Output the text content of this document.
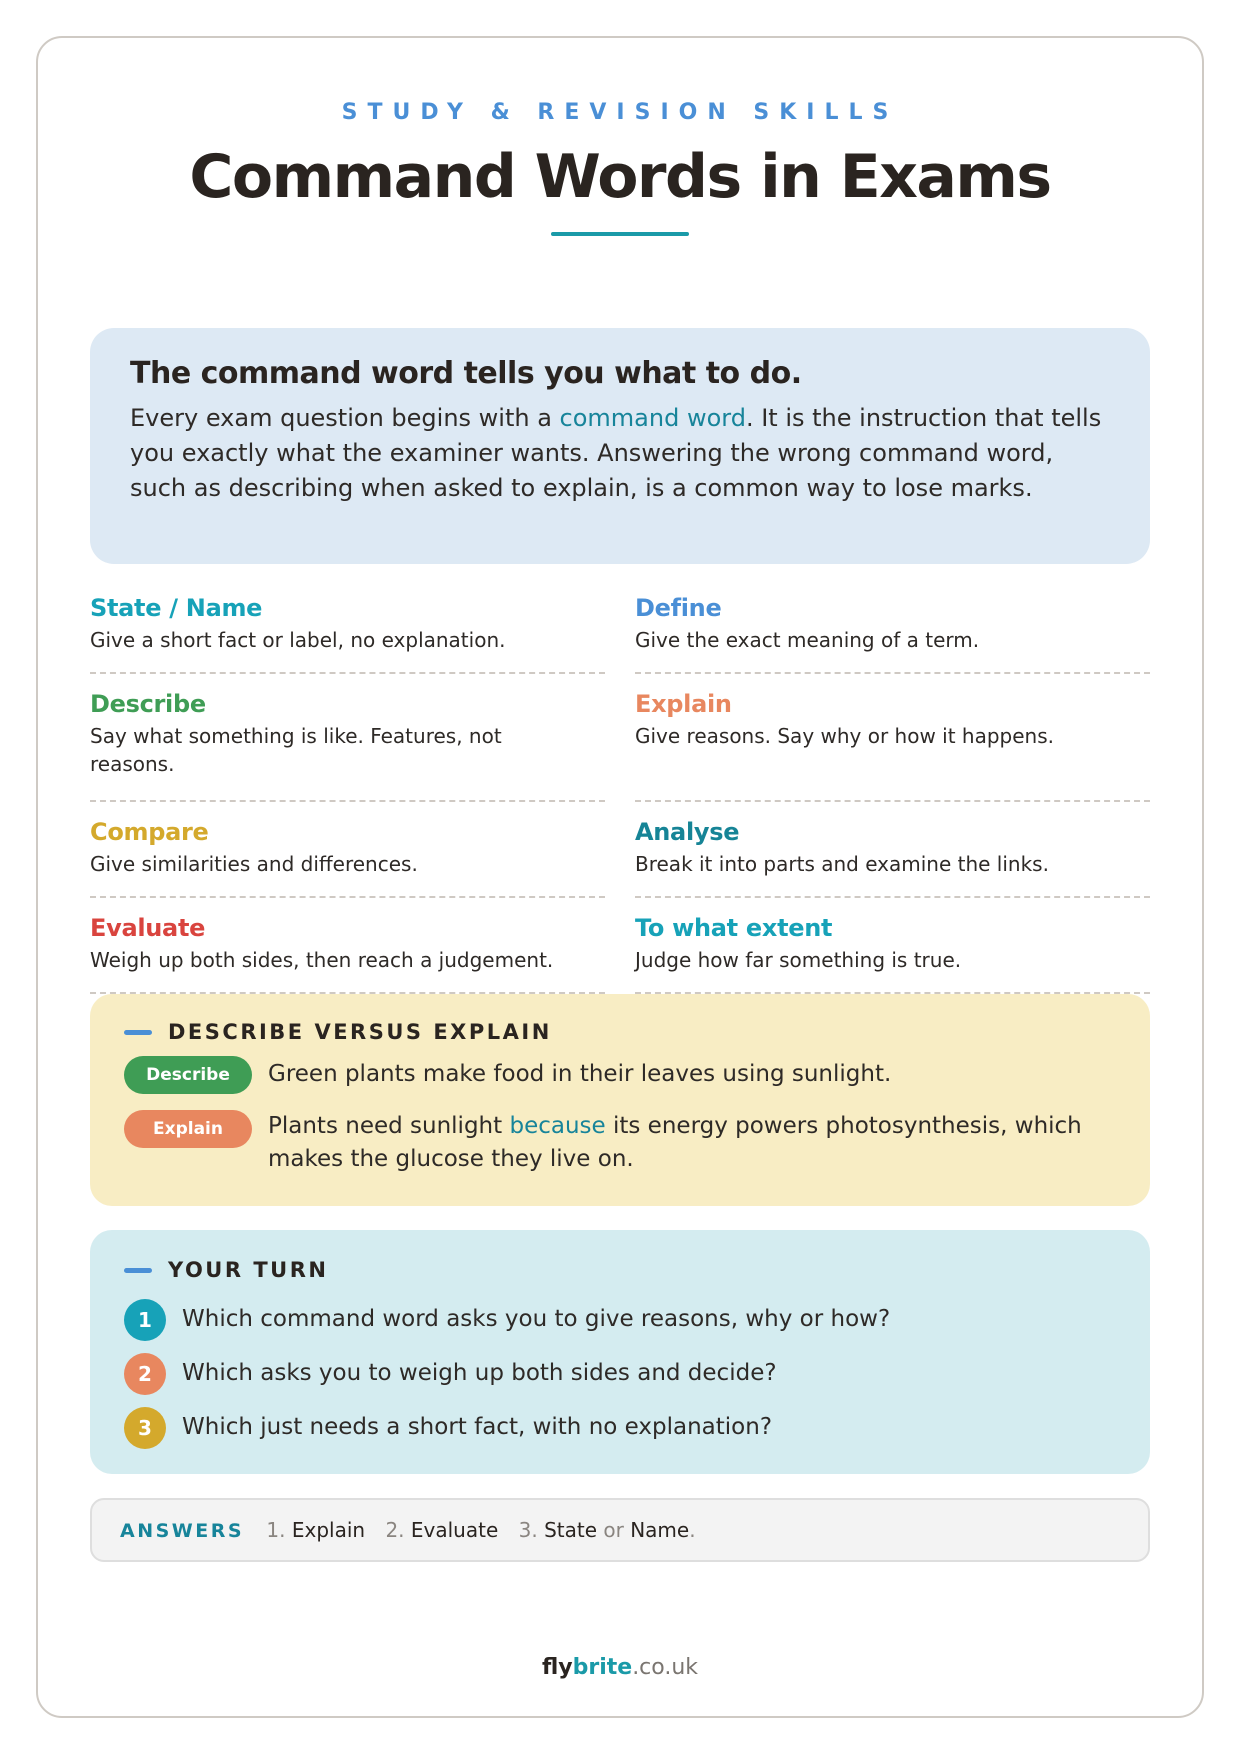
STUDY & REVISION SKILLS
Command Words in Exams
The command word tells you what to do.

Every exam question begins with a command word. It is the instruction that tells you exactly what the examiner wants. Answering the wrong command word, such as describing when asked to explain, is a common way to lose marks.

State / Name
Give a short fact or label, no explanation.
Define
Give the exact meaning of a term.
Describe
Say what something is like. Features, not reasons.
Explain
Give reasons. Say why or how it happens.
Compare
Give similarities and differences.
Analyse
Break it into parts and examine the links.
Evaluate
Weigh up both sides, then reach a judgement.
To what extent
Judge how far something is true.
DESCRIBE VERSUS EXPLAIN
Describe	Green plants make food in their leaves using sunlight.
Explain	Plants need sunlight because its energy powers photosynthesis, which makes the glucose they live on.
YOUR TURN
1	Which command word asks you to give reasons, why or how?
2	Which asks you to weigh up both sides and decide?
3	Which just needs a short fact, with no explanation?
ANSWERS 1. Explain 2. Evaluate 3. State or Name.
flybrite.co.uk
